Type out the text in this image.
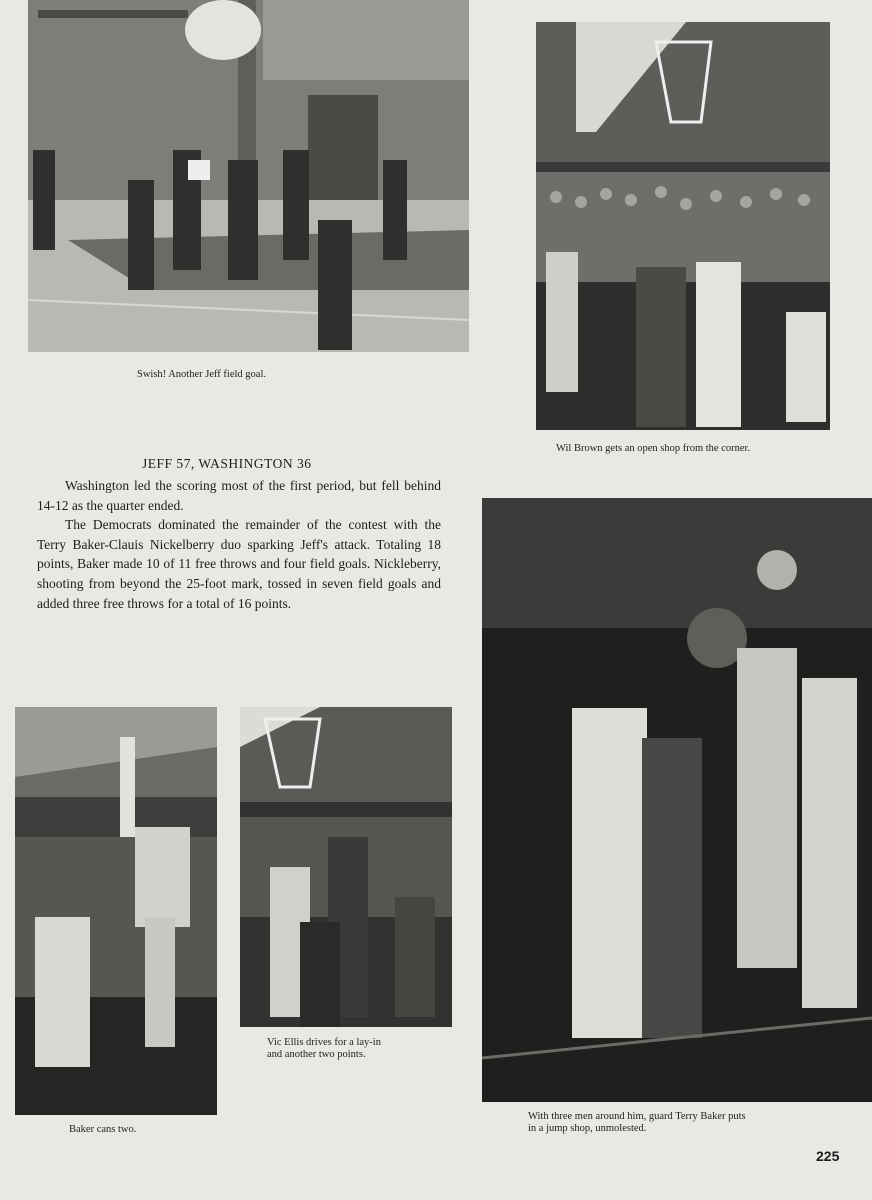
Swish! Another Jeff field goal.
Wil Brown gets an open shop from the corner.
JEFF 57, WASHINGTON 36

Washington led the scoring most of the first period, but fell behind 14-12 as the quarter ended.

The Democrats dominated the remainder of the contest with the Terry Baker-Clauis Nickelberry duo sparking Jeff's attack. Totaling 18 points, Baker made 10 of 11 free throws and four field goals. Nickleberry, shooting from beyond the 25-foot mark, tossed in seven field goals and added three free throws for a total of 16 points.

Baker cans two.
Vic Ellis drives for a lay-in
and another two points.
With three men around him, guard Terry Baker puts
in a jump shop, unmolested.
225
